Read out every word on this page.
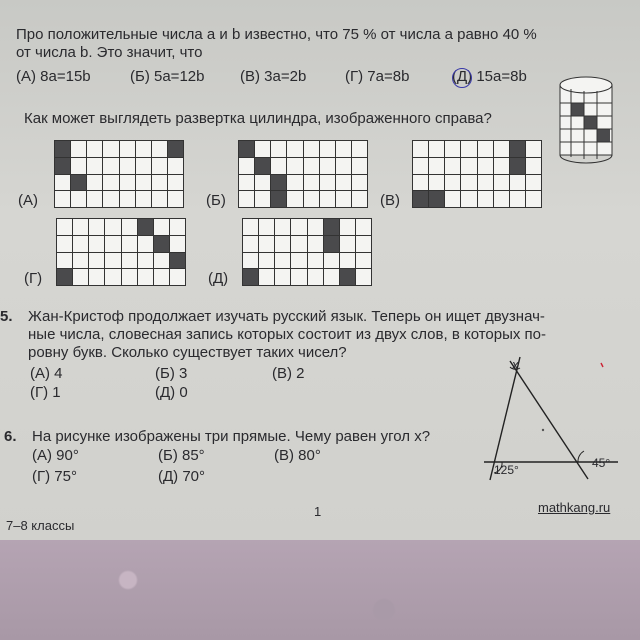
Про положительные числа a и b известно, что 75 % от числа a равно 40 %
от числа b. Это значит, что
(A) 8a=15b	(Б) 5a=12b (В) 3a=2b	(Г) 7a=8b	(Д) 15a=8b
Как может выглядеть развертка цилиндра, изображенного справа?
(A)	(Б)	(В)
(Г)	(Д)
5. Жан-Кристоф продолжает изучать русский язык. Теперь он ищет двузнач-
ные числа, словесная запись которых состоит из двух слов, в которых по-
ровну букв. Сколько существует таких чисел?
(A) 4	(Б) 3	(В) 2
(Г) 1	(Д) 0
6. На рисунке изображены три прямые. Чему равен угол x?
(A) 90°	(Б) 85°	(В) 80°
(Г) 75°	(Д) 70°
x
125°	45°
7–8 классы
1	mathkang.ru
